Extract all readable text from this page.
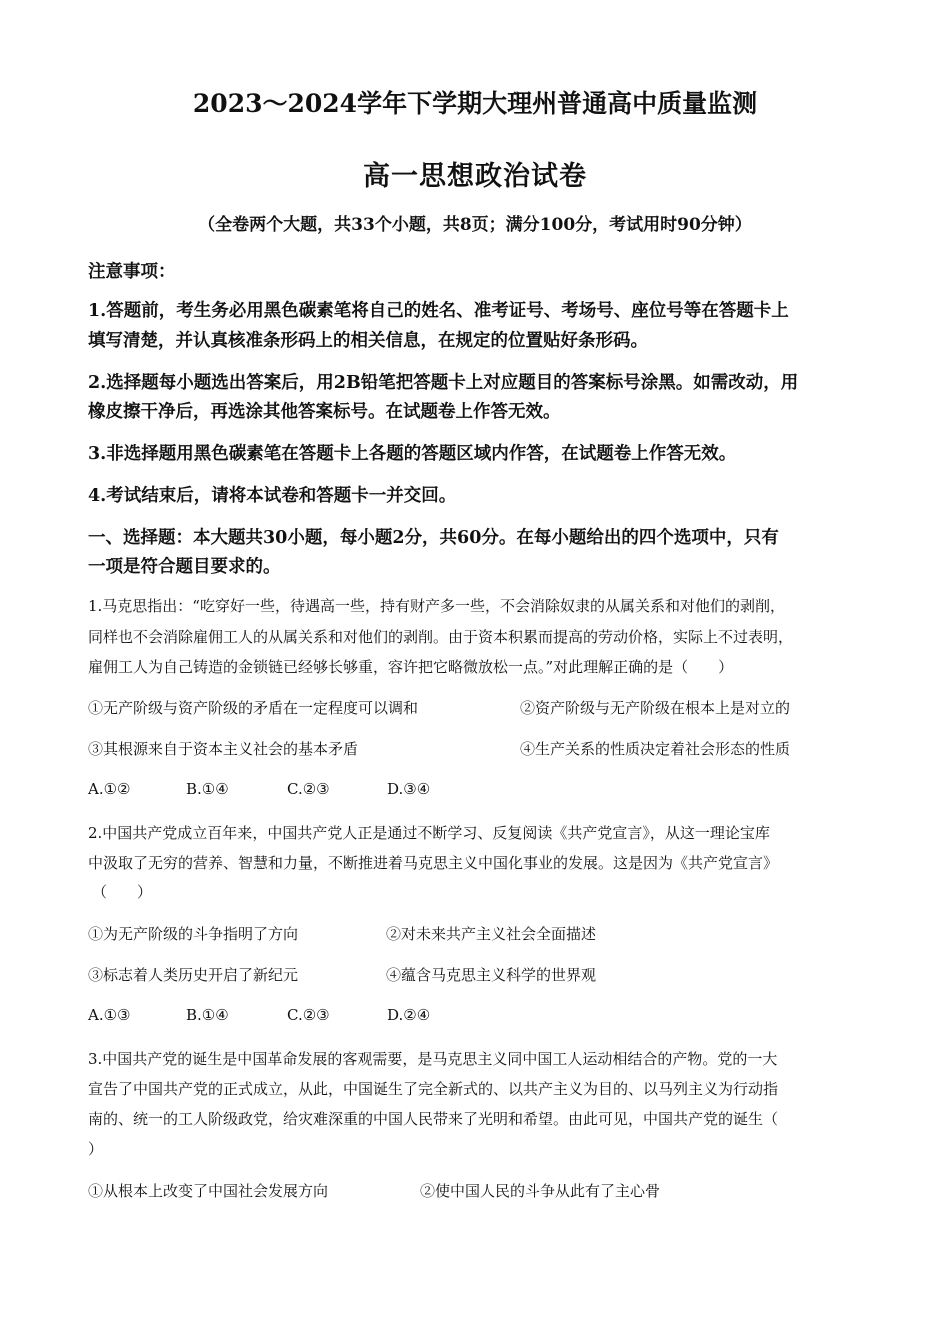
2023～2024学年下学期大理州普通高中质量监测
高一思想政治试卷
（全卷两个大题，共33个小题，共8页；满分100分，考试用时90分钟）
注意事项：
1.答题前，考生务必用黑色碳素笔将自己的姓名、准考证号、考场号、座位号等在答题卡上
填写清楚，并认真核准条形码上的相关信息，在规定的位置贴好条形码。
2.选择题每小题选出答案后，用2B铅笔把答题卡上对应题目的答案标号涂黑。如需改动，用
橡皮擦干净后，再选涂其他答案标号。在试题卷上作答无效。
3.非选择题用黑色碳素笔在答题卡上各题的答题区域内作答，在试题卷上作答无效。
4.考试结束后，请将本试卷和答题卡一并交回。
一、选择题：本大题共30小题，每小题2分，共60分。在每小题给出的四个选项中，只有
一项是符合题目要求的。
1.马克思指出：“吃穿好一些，待遇高一些，持有财产多一些，不会消除奴隶的从属关系和对他们的剥削，
同样也不会消除雇佣工人的从属关系和对他们的剥削。由于资本积累而提高的劳动价格，实际上不过表明，
雇佣工人为自己铸造的金锁链已经够长够重，容许把它略微放松一点。”对此理解正确的是（　　）
①无产阶级与资产阶级的矛盾在一定程度可以调和	②资产阶级与无产阶级在根本上是对立的
③其根源来自于资本主义社会的基本矛盾	④生产关系的性质决定着社会形态的性质
A.①②	B.①④	C.②③	D.③④
2.中国共产党成立百年来，中国共产党人正是通过不断学习、反复阅读《共产党宣言》，从这一理论宝库
中汲取了无穷的营养、智慧和力量，不断推进着马克思主义中国化事业的发展。这是因为《共产党宣言》
（　　）
①为无产阶级的斗争指明了方向	②对未来共产主义社会全面描述
③标志着人类历史开启了新纪元	④蕴含马克思主义科学的世界观
A.①③	B.①④	C.②③	D.②④
3.中国共产党的诞生是中国革命发展的客观需要，是马克思主义同中国工人运动相结合的产物。党的一大
宣告了中国共产党的正式成立，从此，中国诞生了完全新式的、以共产主义为目的、以马列主义为行动指
南的、统一的工人阶级政党，给灾难深重的中国人民带来了光明和希望。由此可见，中国共产党的诞生（
）
①从根本上改变了中国社会发展方向	②使中国人民的斗争从此有了主心骨
